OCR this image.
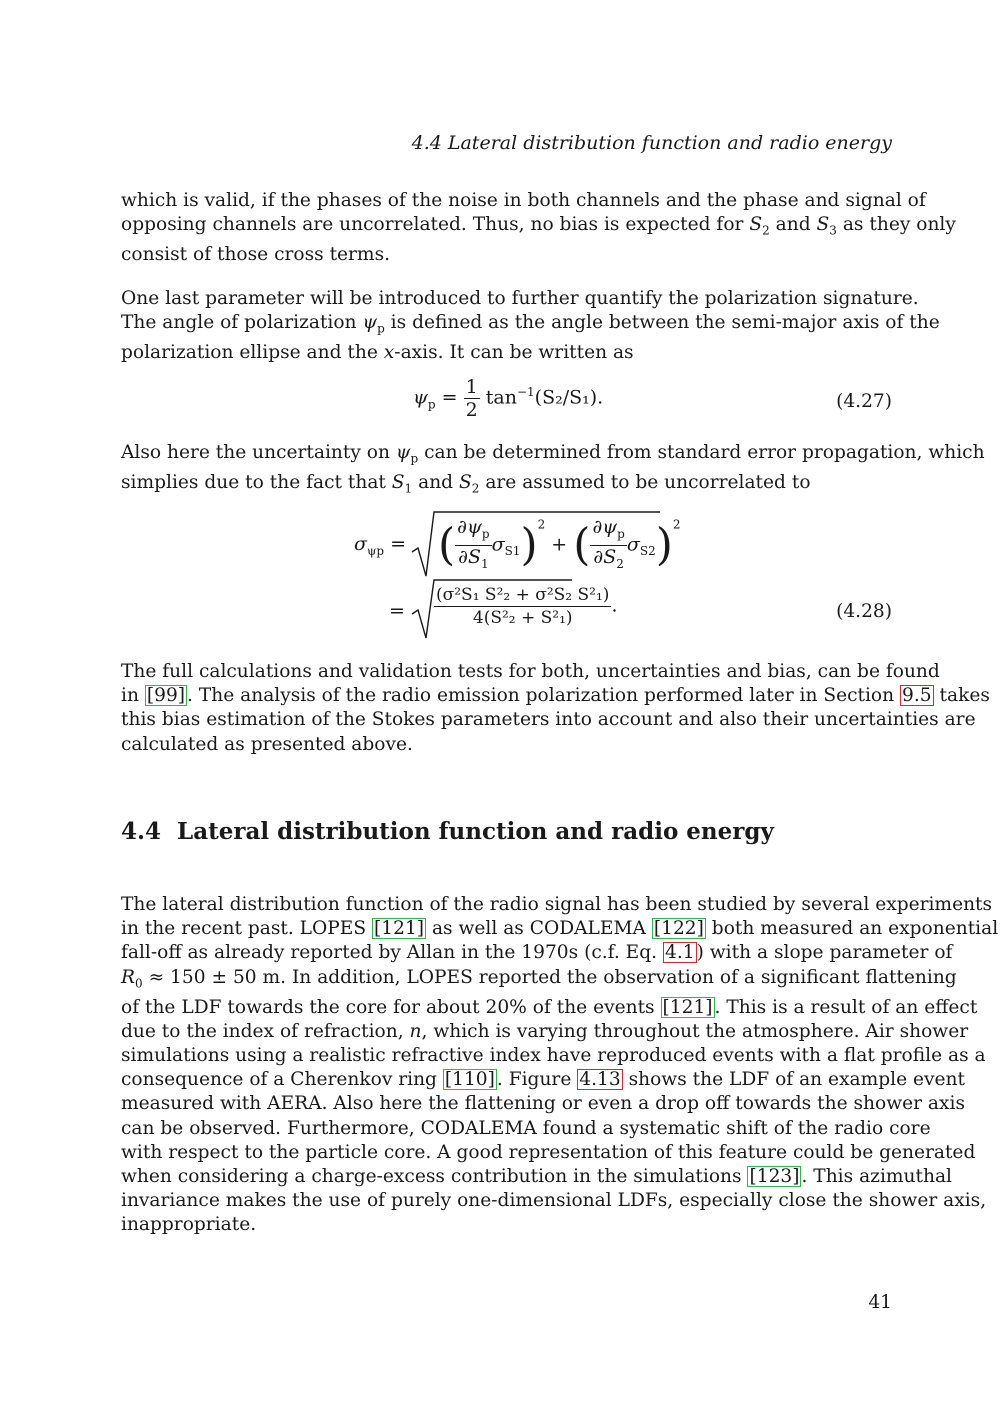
4.4 Lateral distribution function and radio energy
which is valid, if the phases of the noise in both channels and the phase and signal of
opposing channels are uncorrelated. Thus, no bias is expected for $S_2$ and $S_3$ as they only
consist of those cross terms.
One last parameter will be introduced to further quantify the polarization signature.
The angle of polarization $\psi_p$ is defined as the angle between the semi-major axis of the
polarization ellipse and the x-axis. It can be written as
$\psi_p = \frac{1}{2} \tan^{-1}(S_2/S_1)$.	(4.27)
Also here the uncertainty on $\psi_p$ can be determined from standard error propagation, which
simplies due to the fact that $S_1$ and $S_2$ are assumed to be uncorrelated to
$\sigma_{\psi p}$ = ( $\frac{\partial\psi_p}{\partial S_1} \sigma_{S1})^2$ + ( $\frac{\partial\psi_p}{\partial S_2} \sigma_{S2})^2$
= $\frac{\text{(σ²S₁ S²₂ + σ²S₂ S²₁)}}{\text{4(S²₂ + S²₁)}}$ .	(4.28)
The full calculations and validation tests for both, uncertainties and bias, can be found
in [99] . The analysis of the radio emission polarization performed later in Section 9.5 takes
this bias estimation of the Stokes parameters into account and also their uncertainties are
calculated as presented above.
4.4 Lateral distribution function and radio energy
The lateral distribution function of the radio signal has been studied by several experiments
in the recent past. LOPES [121] as well as CODALEMA [122] both measured an exponential
fall-off as already reported by Allan in the 1970s (c.f. Eq. 4.1 ) with a slope parameter of
$R_0 \approx 150 \pm 50$ m. In addition, LOPES reported the observation of a significant flattening
of the LDF towards the core for about 20% of the events [121] . This is a result of an effect
due to the index of refraction, n, which is varying throughout the atmosphere. Air shower
simulations using a realistic refractive index have reproduced events with a flat profile as a
consequence of a Cherenkov ring [110] . Figure 4.13 shows the LDF of an example event
measured with AERA. Also here the flattening or even a drop off towards the shower axis
can be observed. Furthermore, CODALEMA found a systematic shift of the radio core
with respect to the particle core. A good representation of this feature could be generated
when considering a charge-excess contribution in the simulations [123] . This azimuthal
invariance makes the use of purely one-dimensional LDFs, especially close the shower axis,
inappropriate.
41
